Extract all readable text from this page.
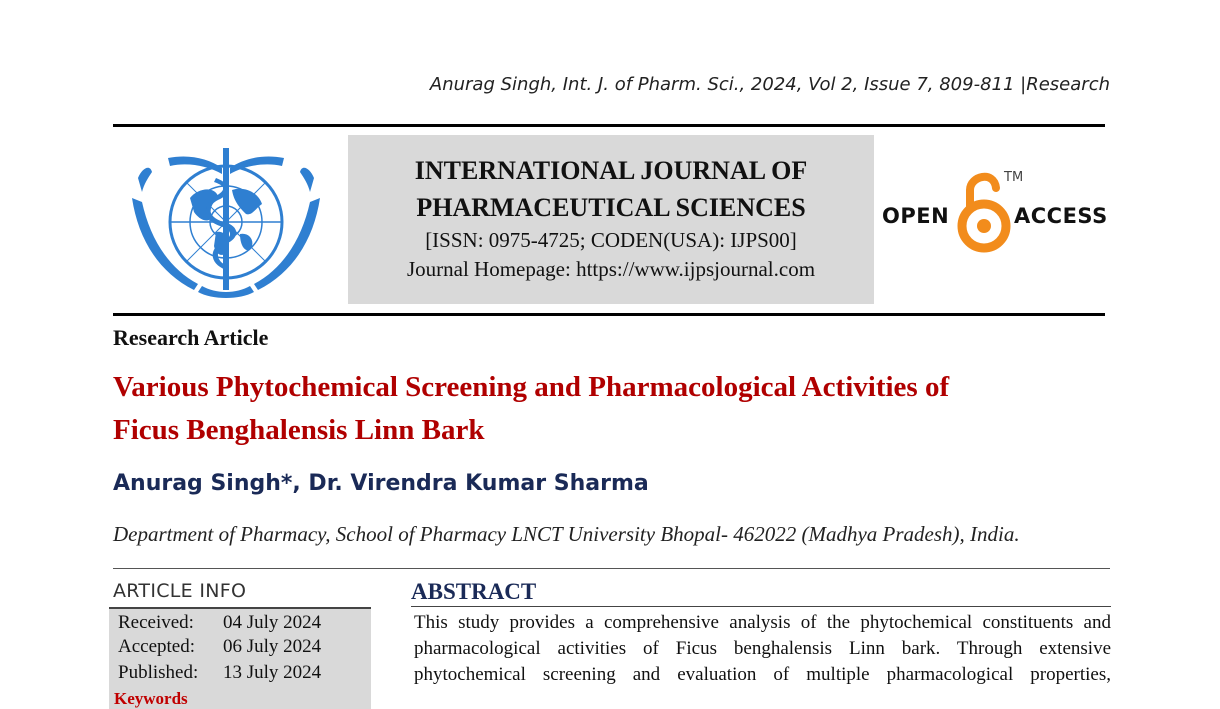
Anurag Singh, Int. J. of Pharm. Sci., 2024, Vol 2, Issue 7, 809-811 |Research
INTERNATIONAL JOURNAL OF
PHARMACEUTICAL SCIENCES
[ISSN: 0975-4725; CODEN(USA): IJPS00]
Journal Homepage: https://www.ijpsjournal.com
OPEN
TM
ACCESS
Research Article
Various Phytochemical Screening and Pharmacological Activities of
Ficus Benghalensis Linn Bark
Anurag Singh*, Dr. Virendra Kumar Sharma
Department of Pharmacy, School of Pharmacy LNCT University Bhopal- 462022 (Madhya Pradesh), India.
ARTICLE INFO
Received: 04 July 2024
Accepted: 06 July 2024
Published: 13 July 2024
Keywords
ABSTRACT
This study provides a comprehensive analysis of the phytochemical constituents and
pharmacological activities of Ficus benghalensis Linn bark. Through extensive
phytochemical screening and evaluation of multiple pharmacological properties,
